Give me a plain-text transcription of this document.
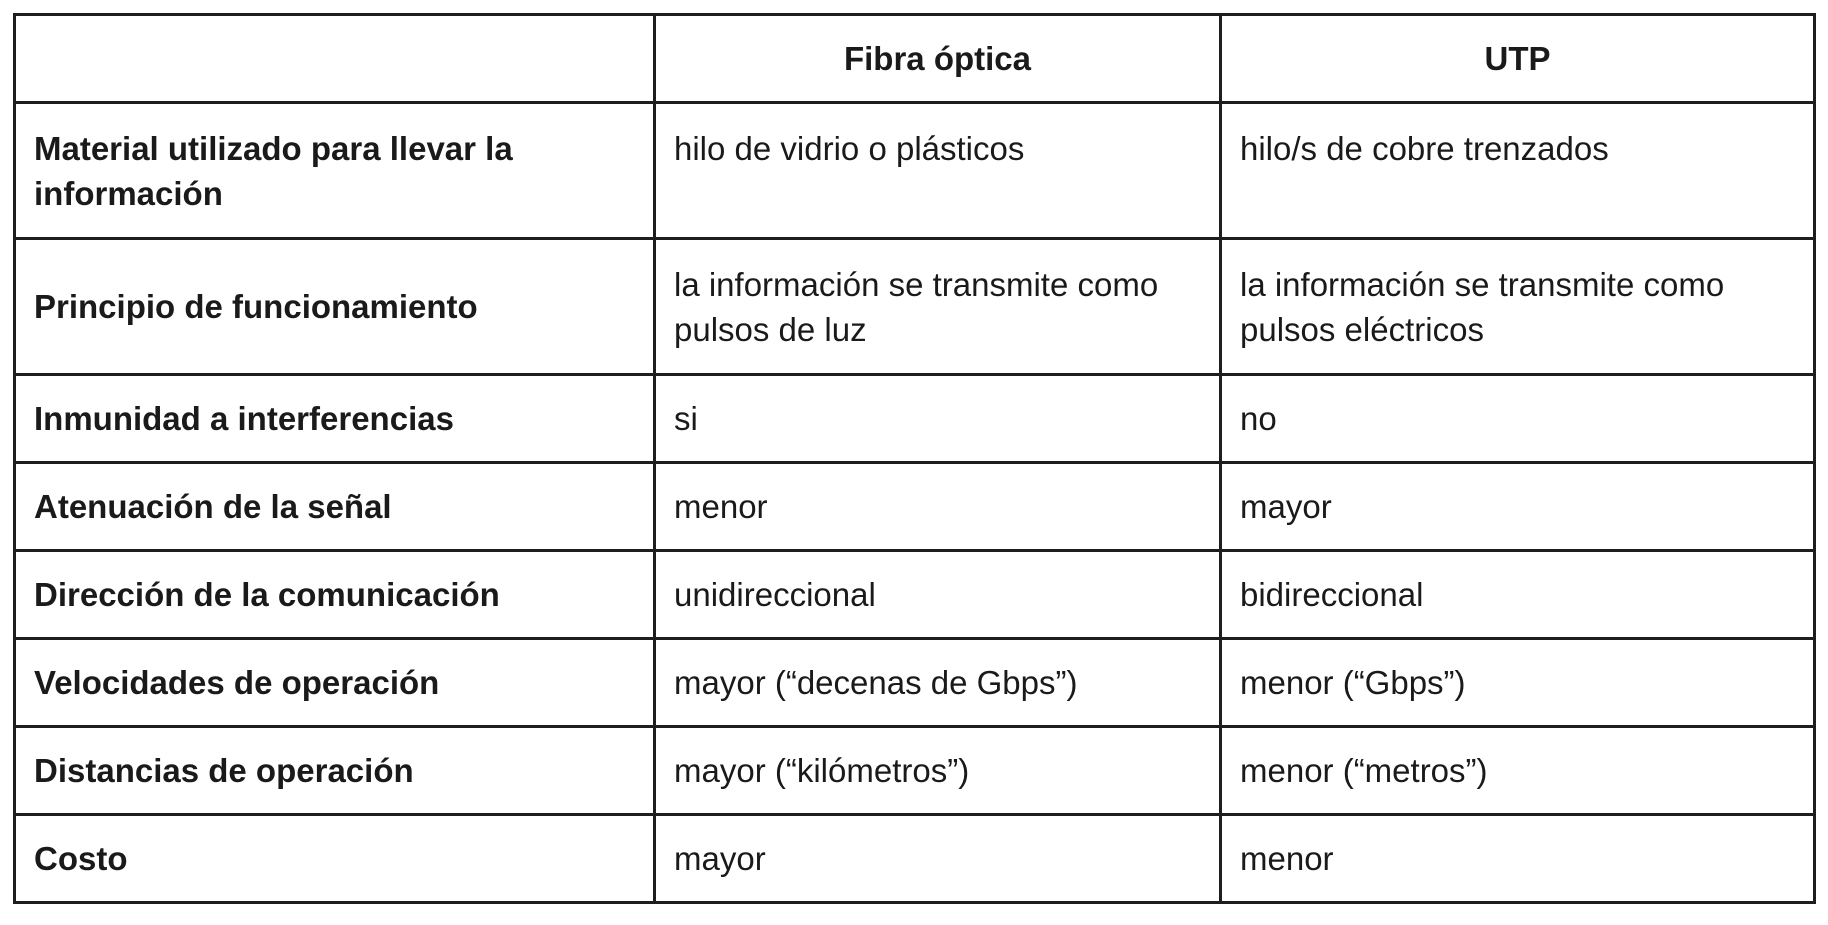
	Fibra óptica	UTP
Material utilizado para llevar la información	hilo de vidrio o plásticos	hilo/s de cobre trenzados
Principio de funcionamiento	la información se transmite como pulsos de luz	la información se transmite como pulsos eléctricos
Inmunidad a interferencias	si	no
Atenuación de la señal	menor	mayor
Dirección de la comunicación	unidireccional	bidireccional
Velocidades de operación	mayor (“decenas de Gbps”)	menor (“Gbps”)
Distancias de operación	mayor (“kilómetros”)	menor (“metros”)
Costo	mayor	menor
